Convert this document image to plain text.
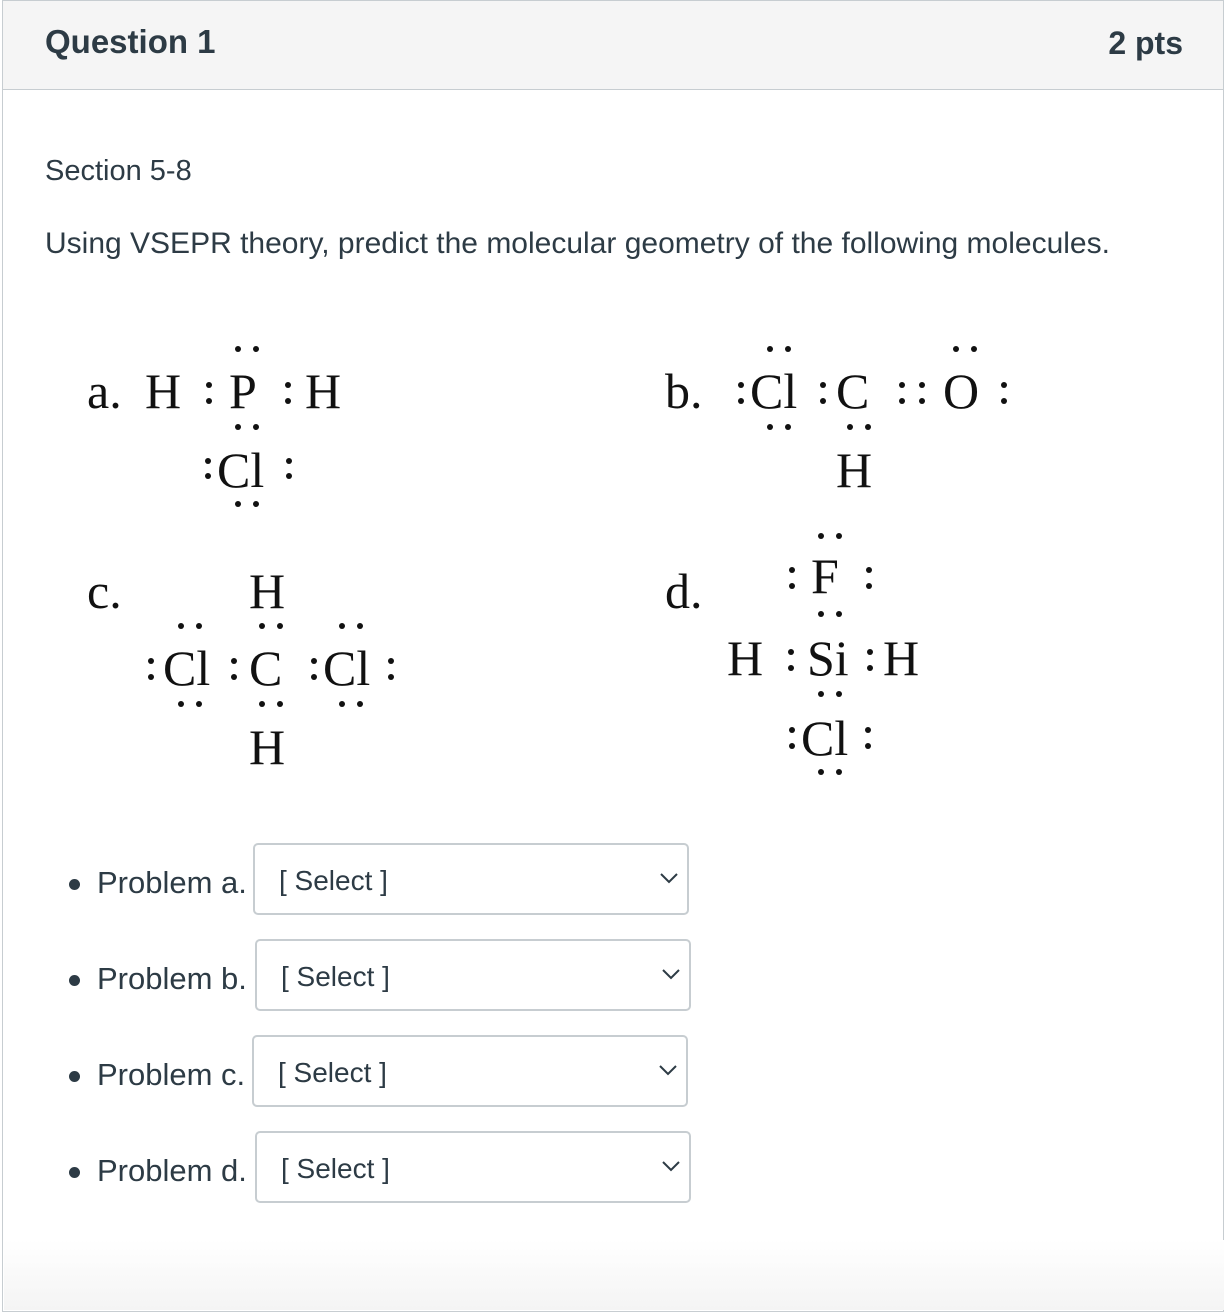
Question 1	2 pts
Section 5-8
Using VSEPR theory, predict the molecular geometry of the following molecules.
a. H P H
Cl
b. Cl C O
H
c.	H
Cl C Cl
H
d. F
H Si H
Cl
Problem a. [ Select ]
Problem b. [ Select ]
Problem c. [ Select ]
Problem d. [ Select ]
